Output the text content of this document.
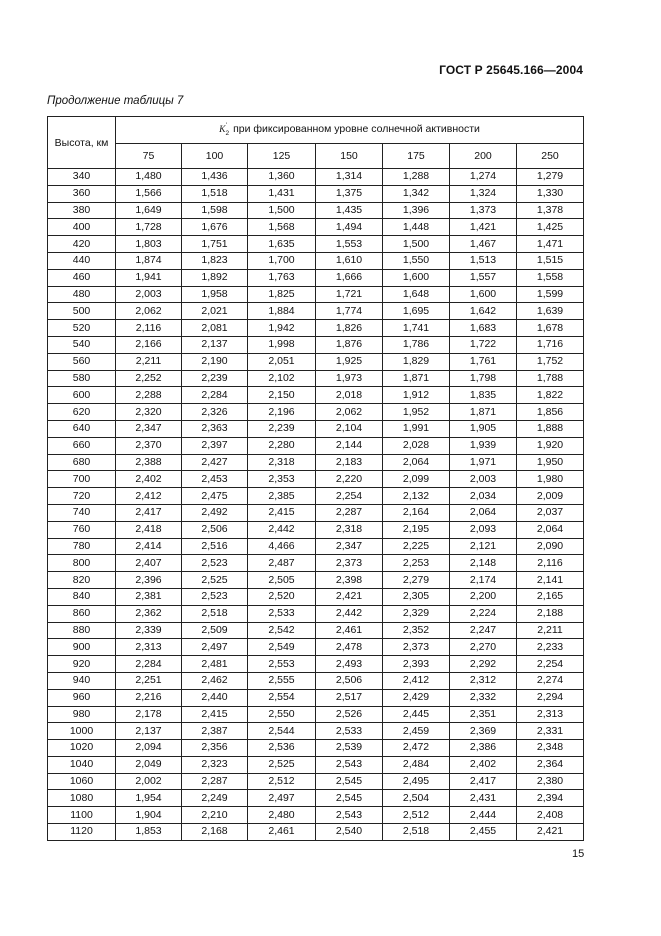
ГОСТ Р 25645.166—2004
Продолжение таблицы 7
Высота, км	$K_2'$ при фиксированном уровне солнечной активности						
	75	100	125	150	175	200	250
340	1,480	1,436	1,360	1,314	1,288	1,274	1,279
360	1,566	1,518	1,431	1,375	1,342	1,324	1,330
380	1,649	1,598	1,500	1,435	1,396	1,373	1,378
400	1,728	1,676	1,568	1,494	1,448	1,421	1,425
420	1,803	1,751	1,635	1,553	1,500	1,467	1,471
440	1,874	1,823	1,700	1,610	1,550	1,513	1,515
460	1,941	1,892	1,763	1,666	1,600	1,557	1,558
480	2,003	1,958	1,825	1,721	1,648	1,600	1,599
500	2,062	2,021	1,884	1,774	1,695	1,642	1,639
520	2,116	2,081	1,942	1,826	1,741	1,683	1,678
540	2,166	2,137	1,998	1,876	1,786	1,722	1,716
560	2,211	2,190	2,051	1,925	1,829	1,761	1,752
580	2,252	2,239	2,102	1,973	1,871	1,798	1,788
600	2,288	2,284	2,150	2,018	1,912	1,835	1,822
620	2,320	2,326	2,196	2,062	1,952	1,871	1,856
640	2,347	2,363	2,239	2,104	1,991	1,905	1,888
660	2,370	2,397	2,280	2,144	2,028	1,939	1,920
680	2,388	2,427	2,318	2,183	2,064	1,971	1,950
700	2,402	2,453	2,353	2,220	2,099	2,003	1,980
720	2,412	2,475	2,385	2,254	2,132	2,034	2,009
740	2,417	2,492	2,415	2,287	2,164	2,064	2,037
760	2,418	2,506	2,442	2,318	2,195	2,093	2,064
780	2,414	2,516	4,466	2,347	2,225	2,121	2,090
800	2,407	2,523	2,487	2,373	2,253	2,148	2,116
820	2,396	2,525	2,505	2,398	2,279	2,174	2,141
840	2,381	2,523	2,520	2,421	2,305	2,200	2,165
860	2,362	2,518	2,533	2,442	2,329	2,224	2,188
880	2,339	2,509	2,542	2,461	2,352	2,247	2,211
900	2,313	2,497	2,549	2,478	2,373	2,270	2,233
920	2,284	2,481	2,553	2,493	2,393	2,292	2,254
940	2,251	2,462	2,555	2,506	2,412	2,312	2,274
960	2,216	2,440	2,554	2,517	2,429	2,332	2,294
980	2,178	2,415	2,550	2,526	2,445	2,351	2,313
1000	2,137	2,387	2,544	2,533	2,459	2,369	2,331
1020	2,094	2,356	2,536	2,539	2,472	2,386	2,348
1040	2,049	2,323	2,525	2,543	2,484	2,402	2,364
1060	2,002	2,287	2,512	2,545	2,495	2,417	2,380
1080	1,954	2,249	2,497	2,545	2,504	2,431	2,394
1100	1,904	2,210	2,480	2,543	2,512	2,444	2,408
1120	1,853	2,168	2,461	2,540	2,518	2,455	2,421
15
